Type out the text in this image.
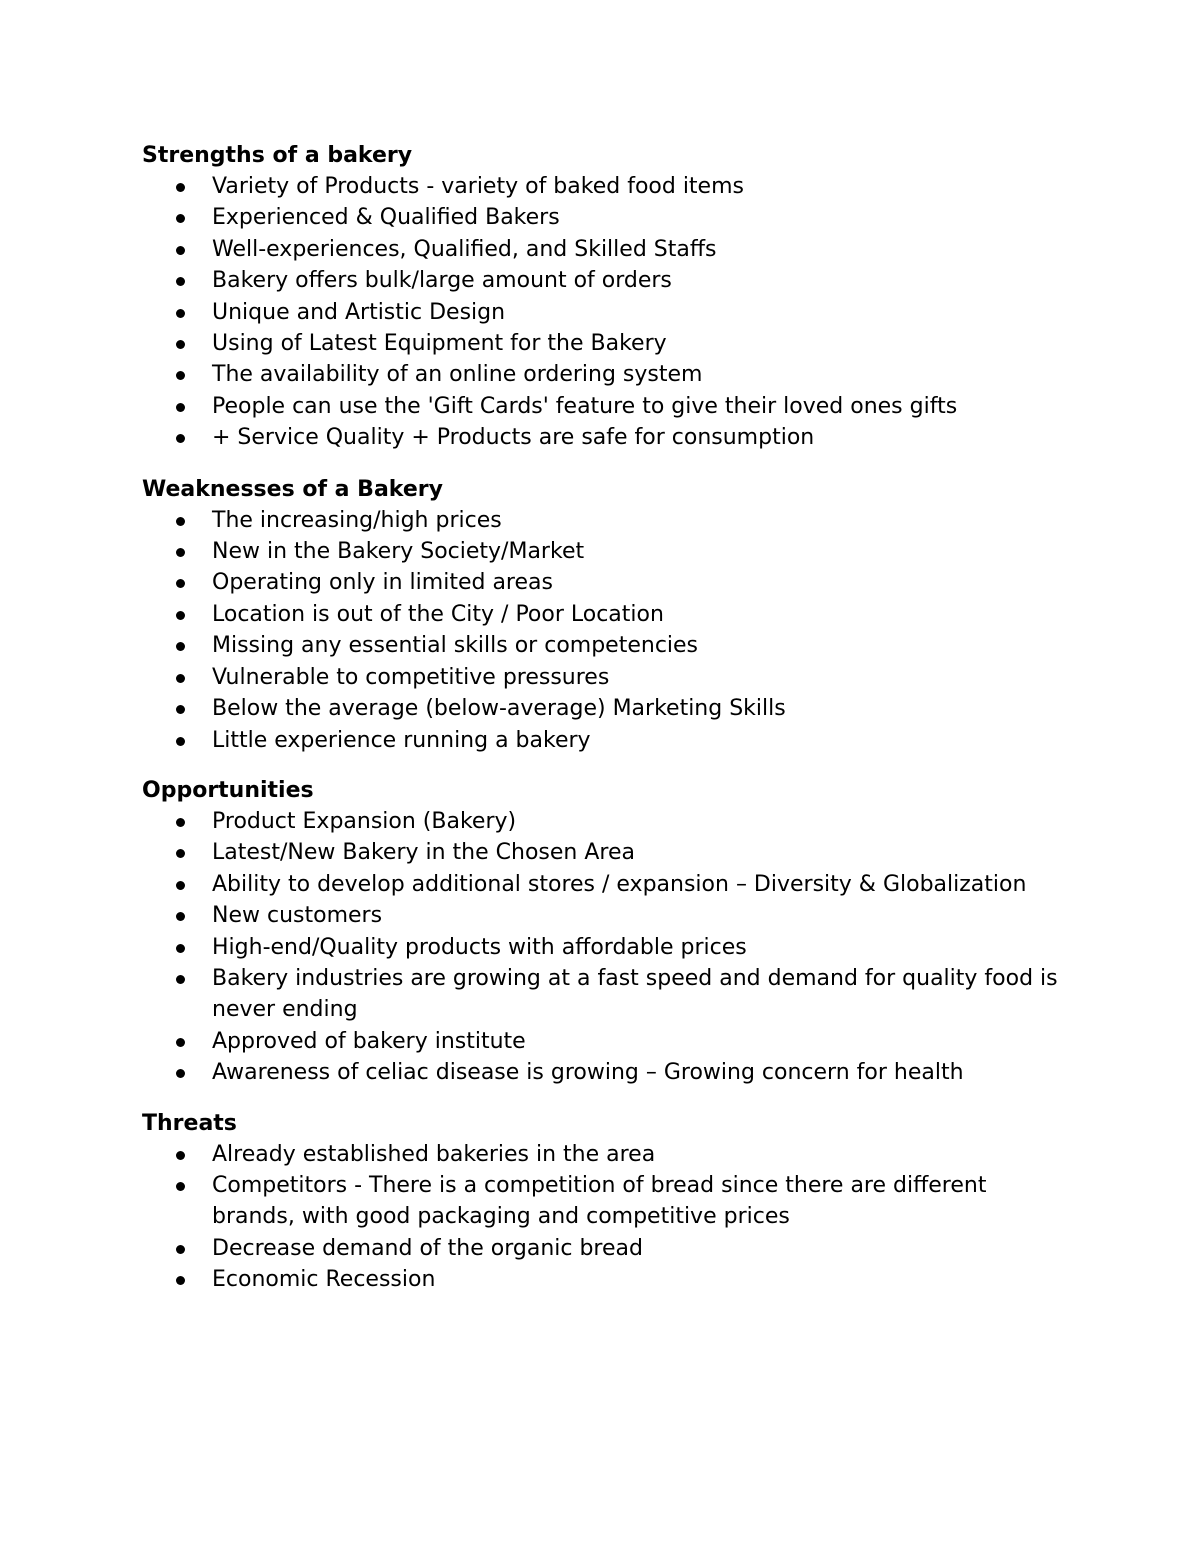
Strengths of a bakery
Variety of Products - variety of baked food items
Experienced & Qualified Bakers
Well-experiences, Qualified, and Skilled Staffs
Bakery offers bulk/large amount of orders
Unique and Artistic Design
Using of Latest Equipment for the Bakery
The availability of an online ordering system
People can use the 'Gift Cards' feature to give their loved ones gifts
+ Service Quality + Products are safe for consumption
Weaknesses of a Bakery
The increasing/high prices
New in the Bakery Society/Market
Operating only in limited areas
Location is out of the City / Poor Location
Missing any essential skills or competencies
Vulnerable to competitive pressures
Below the average (below-average) Marketing Skills
Little experience running a bakery
Opportunities
Product Expansion (Bakery)
Latest/New Bakery in the Chosen Area
Ability to develop additional stores / expansion – Diversity & Globalization
New customers
High-end/Quality products with affordable prices
Bakery industries are growing at a fast speed and demand for quality food is never ending
Approved of bakery institute
Awareness of celiac disease is growing – Growing concern for health
Threats
Already established bakeries in the area
Competitors - There is a competition of bread since there are different brands, with good packaging and competitive prices
Decrease demand of the organic bread
Economic Recession
